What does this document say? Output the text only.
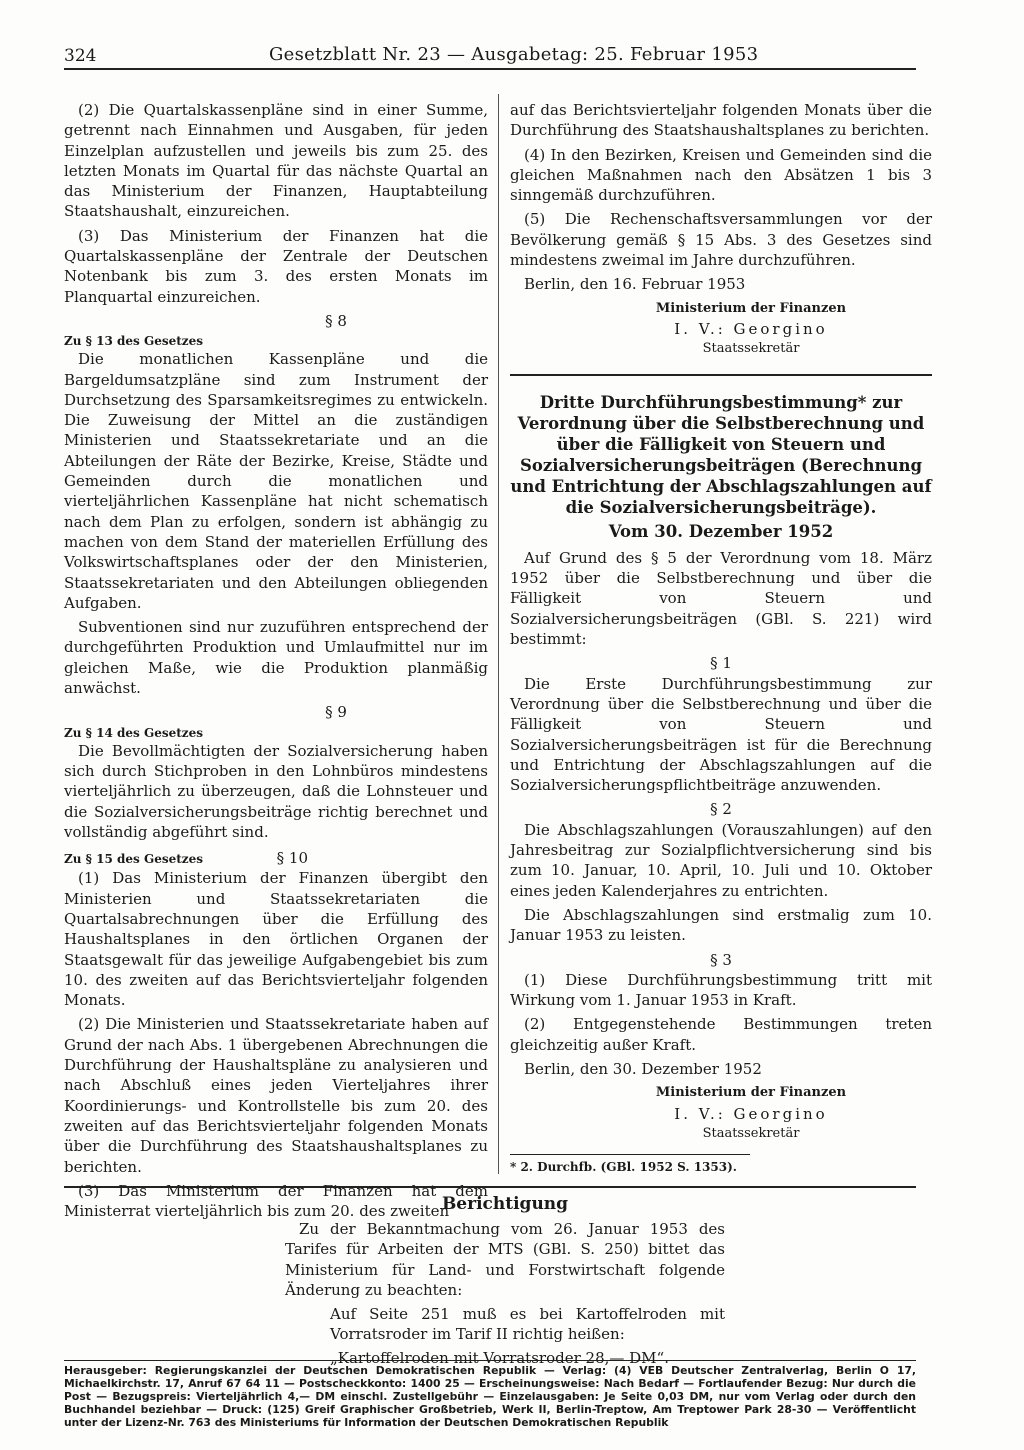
324	Gesetzblatt Nr. 23 — Ausgabetag: 25. Februar 1953

(2) Die Quartalskassenpläne sind in einer Summe, getrennt nach Einnahmen und Ausgaben, für jeden Einzelplan aufzustellen und jeweils bis zum 25. des letzten Monats im Quartal für das nächste Quartal an das Ministerium der Finanzen, Hauptabteilung Staatshaushalt, einzureichen.

(3) Das Ministerium der Finanzen hat die Quartalskassenpläne der Zentrale der Deutschen Notenbank bis zum 3. des ersten Monats im Planquartal einzureichen.

§ 8
Zu § 13 des Gesetzes

Die monatlichen Kassenpläne und die Bargeldumsatzpläne sind zum Instrument der Durchsetzung des Sparsamkeitsregimes zu entwickeln. Die Zuweisung der Mittel an die zuständigen Ministerien und Staatssekretariate und an die Abteilungen der Räte der Bezirke, Kreise, Städte und Gemeinden durch die monatlichen und vierteljährlichen Kassenpläne hat nicht schematisch nach dem Plan zu erfolgen, sondern ist abhängig zu machen von dem Stand der materiellen Erfüllung des Volkswirtschaftsplanes oder der den Ministerien, Staatssekretariaten und den Abteilungen obliegenden Aufgaben.

Subventionen sind nur zuzuführen entsprechend der durchgeführten Produktion und Umlaufmittel nur im gleichen Maße, wie die Produktion planmäßig anwächst.

§ 9
Zu § 14 des Gesetzes

Die Bevollmächtigten der Sozialversicherung haben sich durch Stichproben in den Lohnbüros mindestens vierteljährlich zu überzeugen, daß die Lohnsteuer und die Sozialversicherungsbeiträge richtig berechnet und vollständig abgeführt sind.

Zu § 15 des Gesetzes	§ 10

(1) Das Ministerium der Finanzen übergibt den Ministerien und Staatssekretariaten die Quartalsabrechnungen über die Erfüllung des Haushaltsplanes in den örtlichen Organen der Staatsgewalt für das jeweilige Aufgabengebiet bis zum 10. des zweiten auf das Berichtsvierteljahr folgenden Monats.

(2) Die Ministerien und Staatssekretariate haben auf Grund der nach Abs. 1 übergebenen Abrechnungen die Durchführung der Haushaltspläne zu analysieren und nach Abschluß eines jeden Vierteljahres ihrer Koordinierungs- und Kontrollstelle bis zum 20. des zweiten auf das Berichtsvierteljahr folgenden Monats über die Durchführung des Staatshaushaltsplanes zu berichten.

(3) Das Ministerium der Finanzen hat dem Ministerrat vierteljährlich bis zum 20. des zweiten

auf das Berichtsvierteljahr folgenden Monats über die Durchführung des Staatshaushaltsplanes zu berichten.

(4) In den Bezirken, Kreisen und Gemeinden sind die gleichen Maßnahmen nach den Absätzen 1 bis 3 sinngemäß durchzuführen.

(5) Die Rechenschaftsversammlungen vor der Bevölkerung gemäß § 15 Abs. 3 des Gesetzes sind mindestens zweimal im Jahre durchzuführen.

Berlin, den 16. Februar 1953

Ministerium der Finanzen
I. V.: Georgino
Staatssekretär
Dritte Durchführungsbestimmung* zur Verordnung über die Selbstberechnung und über die Fälligkeit von Steuern und Sozialversicherungsbeiträgen (Berechnung und Entrichtung der Abschlagszahlungen auf die Sozialversicherungsbeiträge).
Vom 30. Dezember 1952

Auf Grund des § 5 der Verordnung vom 18. März 1952 über die Selbstberechnung und über die Fälligkeit von Steuern und Sozialversicherungsbeiträgen (GBl. S. 221) wird bestimmt:

§ 1

Die Erste Durchführungsbestimmung zur Verordnung über die Selbstberechnung und über die Fälligkeit von Steuern und Sozialversicherungsbeiträgen ist für die Berechnung und Entrichtung der Abschlagszahlungen auf die Sozialversicherungspflichtbeiträge anzuwenden.

§ 2

Die Abschlagszahlungen (Vorauszahlungen) auf den Jahresbeitrag zur Sozialpflichtversicherung sind bis zum 10. Januar, 10. April, 10. Juli und 10. Oktober eines jeden Kalenderjahres zu entrichten.

Die Abschlagszahlungen sind erstmalig zum 10. Januar 1953 zu leisten.

§ 3

(1) Diese Durchführungsbestimmung tritt mit Wirkung vom 1. Januar 1953 in Kraft.

(2) Entgegenstehende Bestimmungen treten gleichzeitig außer Kraft.

Berlin, den 30. Dezember 1952

Ministerium der Finanzen
I. V.: Georgino
Staatssekretär
* 2. Durchfb. (GBl. 1952 S. 1353).
Berichtigung

Zu der Bekanntmachung vom 26. Januar 1953 des Tarifes für Arbeiten der MTS (GBl. S. 250) bittet das Ministerium für Land- und Forstwirtschaft folgende Änderung zu beachten:

Auf Seite 251 muß es bei Kartoffelroden mit Vorratsroder im Tarif II richtig heißen:

„Kartoffelroden mit Vorratsroder 28,— DM“.

Herausgeber: Regierungskanzlei der Deutschen Demokratischen Republik — Verlag: (4) VEB Deutscher Zentralverlag, Berlin O 17, Michaelkirchstr. 17, Anruf 67 64 11 — Postscheckkonto: 1400 25 — Erscheinungsweise: Nach Bedarf — Fortlaufender Bezug: Nur durch die Post — Bezugspreis: Vierteljährlich 4,— DM einschl. Zustellgebühr — Einzelausgaben: Je Seite 0,03 DM, nur vom Verlag oder durch den Buchhandel beziehbar — Druck: (125) Greif Graphischer Großbetrieb, Werk II, Berlin-Treptow, Am Treptower Park 28-30 — Veröffentlicht unter der Lizenz-Nr. 763 des Ministeriums für Information der Deutschen Demokratischen Republik
